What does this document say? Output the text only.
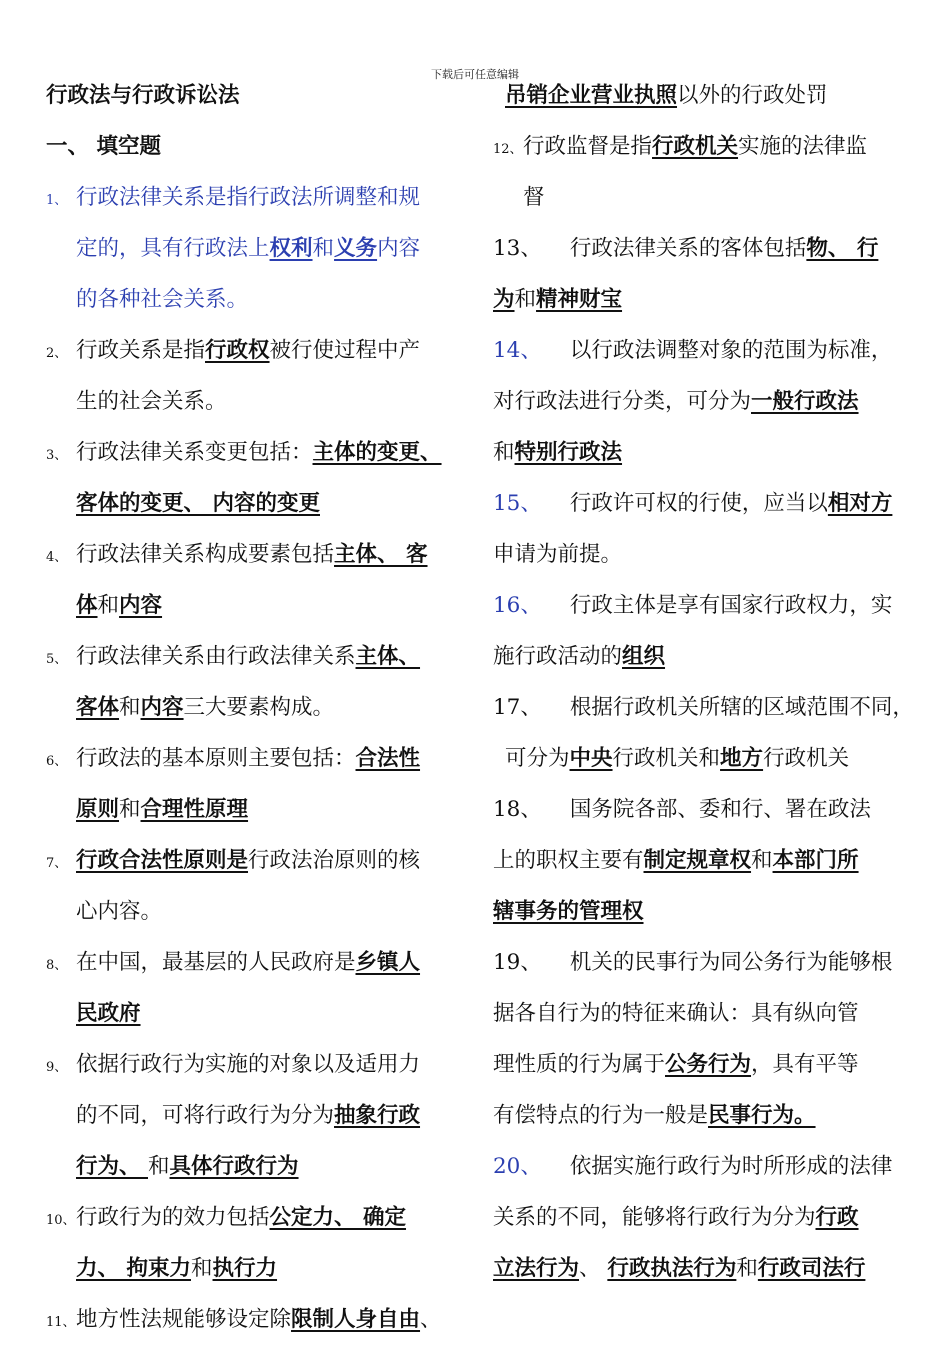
下载后可任意编辑
行政法与行政诉讼法
一、 填空题
1、 行政法律关系是指行政法所调整和规
定的，具有行政法上权利和义务内容
的各种社会关系。
2、 行政关系是指行政权被行使过程中产
生的社会关系。
3、 行政法律关系变更包括：主体的变更、
客体的变更、 内容的变更
4、 行政法律关系构成要素包括主体、 客
体和内容
5、 行政法律关系由行政法律关系主体、
客体和内容三大要素构成。
6、 行政法的基本原则主要包括：合法性
原则和合理性原理
7、 行政合法性原则是行政法治原则的核
心内容。
8、 在中国，最基层的人民政府是乡镇人
民政府
9、 依据行政行为实施的对象以及适用力
的不同，可将行政行为分为抽象行政
行为、 和具体行政行为
10、行政行为的效力包括公定力、 确定
力、 拘束力和执行力
11、地方性法规能够设定除限制人身自由、
吊销企业营业执照以外的行政处罚
12、行政监督是指行政机关实施的法律监
督
13、 行政法律关系的客体包括物、 行
为和精神财宝
14、 以行政法调整对象的范围为标准，
对行政法进行分类，可分为一般行政法
和特别行政法
15、 行政许可权的行使，应当以相对方
申请为前提。
16、 行政主体是享有国家行政权力，实
施行政活动的组织
17、 根据行政机关所辖的区域范围不同，
可分为中央行政机关和地方行政机关
18、 国务院各部、委和行、署在政法
上的职权主要有制定规章权和本部门所
辖事务的管理权
19、 机关的民事行为同公务行为能够根
据各自行为的特征来确认：具有纵向管
理性质的行为属于公务行为，具有平等
有偿特点的行为一般是民事行为。
20、 依据实施行政行为时所形成的法律
关系的不同，能够将行政行为分为行政
立法行为、 行政执法行为和行政司法行
